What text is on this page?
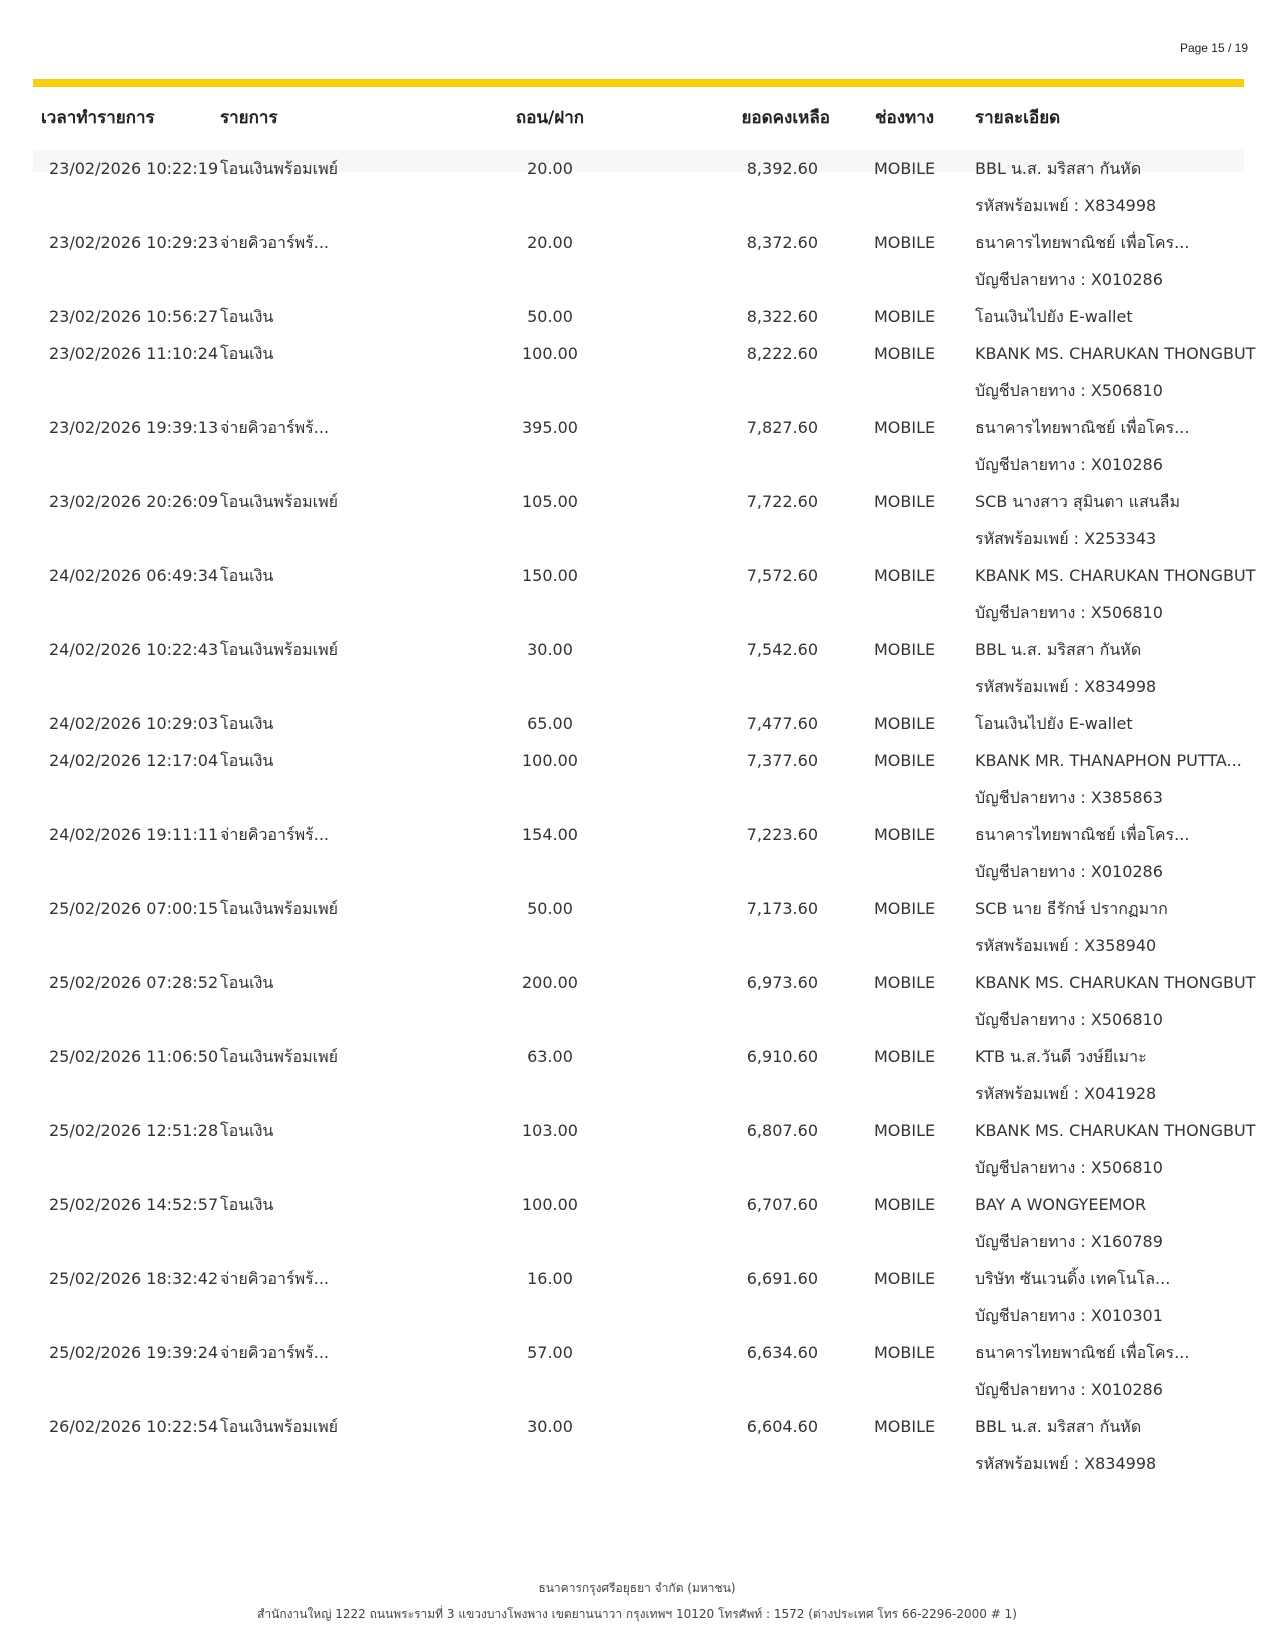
Page 15 / 19
เวลาทำรายการ	รายการ	ถอน/ฝาก	ยอดคงเหลือ	ช่องทาง รายละเอียด
23/02/2026 10:22:19 โอนเงินพร้อมเพย์	20.00	8,392.60	MOBILE BBL น.ส. มริสสา กันหัด
รหัสพร้อมเพย์ : X834998
23/02/2026 10:29:23 จ่ายคิวอาร์พร้...	20.00	8,372.60	MOBILE ธนาคารไทยพาณิชย์ เพื่อโคร...
บัญชีปลายทาง : X010286
23/02/2026 10:56:27 โอนเงิน	50.00	8,322.60	MOBILE โอนเงินไปยัง E-wallet
23/02/2026 11:10:24 โอนเงิน	100.00	8,222.60	MOBILE KBANK MS. CHARUKAN THONGBUT
บัญชีปลายทาง : X506810
23/02/2026 19:39:13 จ่ายคิวอาร์พร้...	395.00	7,827.60	MOBILE ธนาคารไทยพาณิชย์ เพื่อโคร...
บัญชีปลายทาง : X010286
23/02/2026 20:26:09 โอนเงินพร้อมเพย์	105.00	7,722.60	MOBILE SCB นางสาว สุมินตา แสนลืม
รหัสพร้อมเพย์ : X253343
24/02/2026 06:49:34 โอนเงิน	150.00	7,572.60	MOBILE KBANK MS. CHARUKAN THONGBUT
บัญชีปลายทาง : X506810
24/02/2026 10:22:43 โอนเงินพร้อมเพย์	30.00	7,542.60	MOBILE BBL น.ส. มริสสา กันหัด
รหัสพร้อมเพย์ : X834998
24/02/2026 10:29:03 โอนเงิน	65.00	7,477.60	MOBILE โอนเงินไปยัง E-wallet
24/02/2026 12:17:04 โอนเงิน	100.00	7,377.60	MOBILE KBANK MR. THANAPHON PUTTA...
บัญชีปลายทาง : X385863
24/02/2026 19:11:11 จ่ายคิวอาร์พร้...	154.00	7,223.60	MOBILE ธนาคารไทยพาณิชย์ เพื่อโคร...
บัญชีปลายทาง : X010286
25/02/2026 07:00:15 โอนเงินพร้อมเพย์	50.00	7,173.60	MOBILE SCB นาย ธีรักษ์ ปรากฏมาก
รหัสพร้อมเพย์ : X358940
25/02/2026 07:28:52 โอนเงิน	200.00	6,973.60	MOBILE KBANK MS. CHARUKAN THONGBUT
บัญชีปลายทาง : X506810
25/02/2026 11:06:50 โอนเงินพร้อมเพย์	63.00	6,910.60	MOBILE KTB น.ส.วันดี วงษ์ยีเมาะ
รหัสพร้อมเพย์ : X041928
25/02/2026 12:51:28 โอนเงิน	103.00	6,807.60	MOBILE KBANK MS. CHARUKAN THONGBUT
บัญชีปลายทาง : X506810
25/02/2026 14:52:57 โอนเงิน	100.00	6,707.60	MOBILE BAY A WONGYEEMOR
บัญชีปลายทาง : X160789
25/02/2026 18:32:42 จ่ายคิวอาร์พร้...	16.00	6,691.60	MOBILE บริษัท ซันเวนดิ้ง เทคโนโล...
บัญชีปลายทาง : X010301
25/02/2026 19:39:24 จ่ายคิวอาร์พร้...	57.00	6,634.60	MOBILE ธนาคารไทยพาณิชย์ เพื่อโคร...
บัญชีปลายทาง : X010286
26/02/2026 10:22:54 โอนเงินพร้อมเพย์	30.00	6,604.60	MOBILE BBL น.ส. มริสสา กันหัด
รหัสพร้อมเพย์ : X834998
ธนาคารกรุงศรีอยุธยา จำกัด (มหาชน)
สำนักงานใหญ่ 1222 ถนนพระรามที่ 3 แขวงบางโพงพาง เขตยานนาวา กรุงเทพฯ 10120 โทรศัพท์ : 1572 (ต่างประเทศ โทร 66-2296-2000 # 1)
